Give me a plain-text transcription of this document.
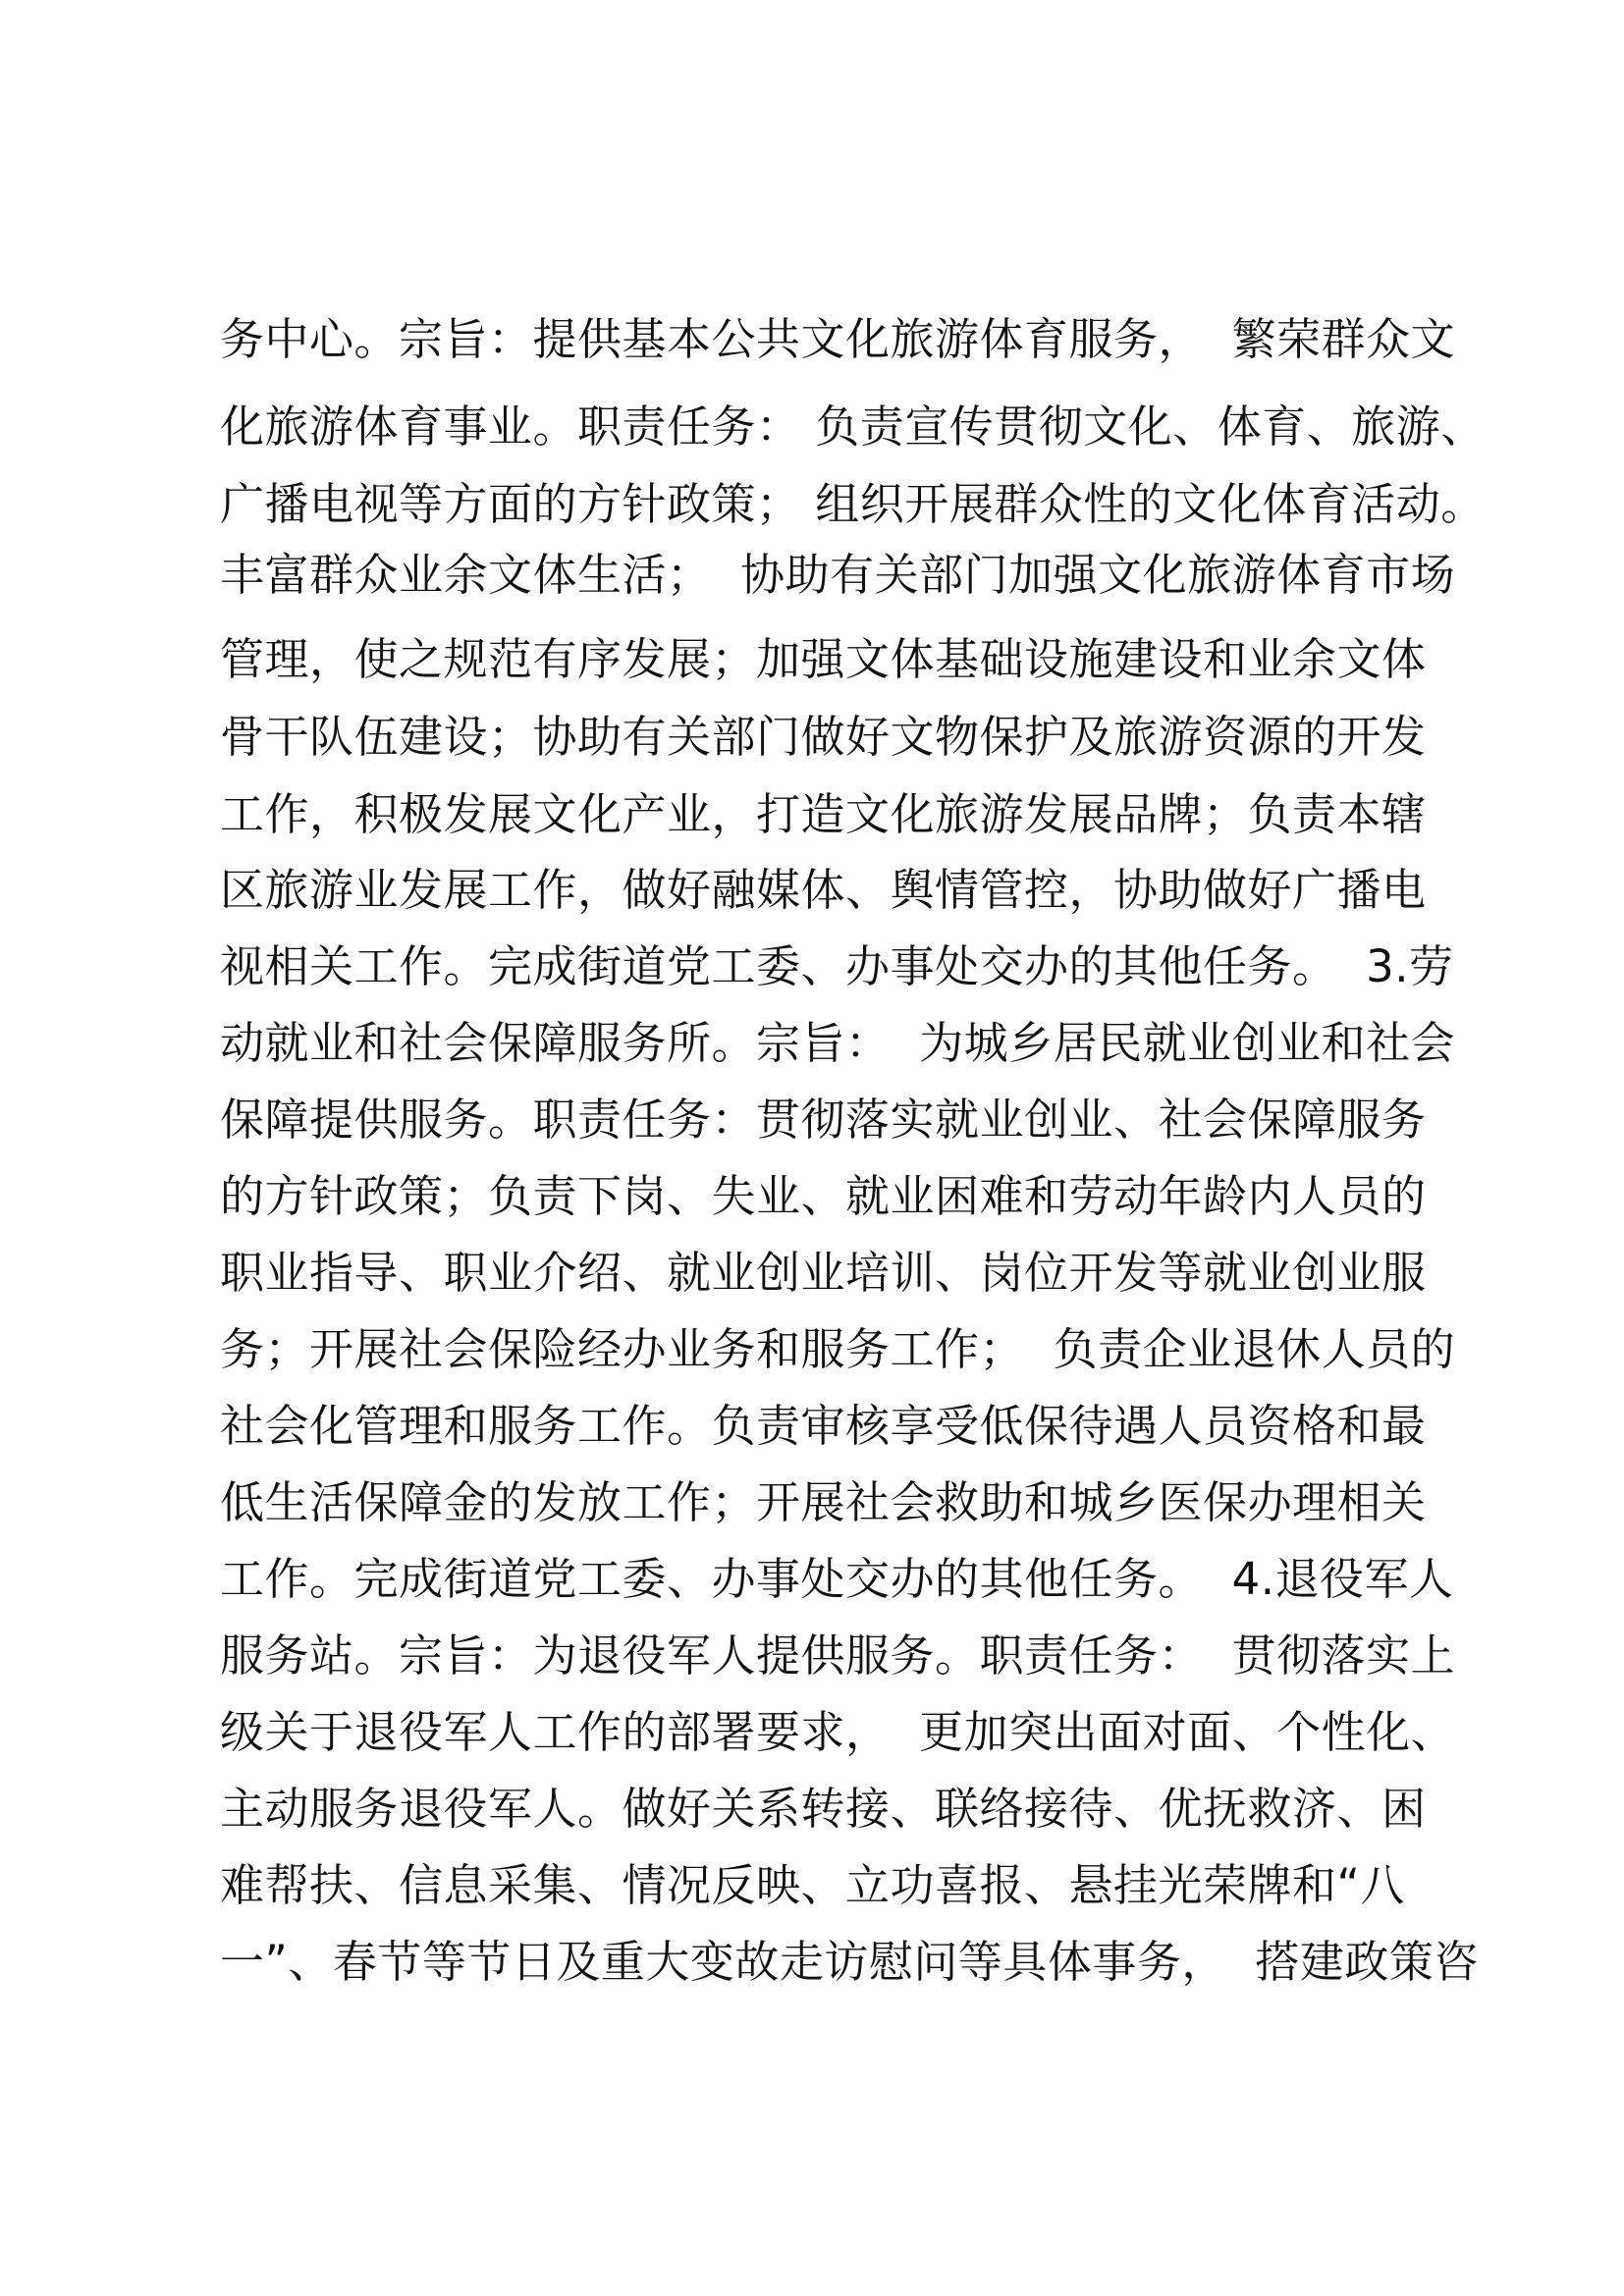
务中心。宗旨：提供基本公共文化旅游体育服务，  繁荣群众文
化旅游体育事业。职责任务： 负责宣传贯彻文化、体育、旅游、
广播电视等方面的方针政策； 组织开展群众性的文化体育活动。
丰富群众业余文体生活；  协助有关部门加强文化旅游体育市场
管理，使之规范有序发展；加强文体基础设施建设和业余文体
骨干队伍建设；协助有关部门做好文物保护及旅游资源的开发
工作，积极发展文化产业，打造文化旅游发展品牌；负责本辖
区旅游业发展工作，做好融媒体、舆情管控，协助做好广播电
视相关工作。完成街道党工委、办事处交办的其他任务。  3.劳
动就业和社会保障服务所。宗旨：  为城乡居民就业创业和社会
保障提供服务。职责任务：贯彻落实就业创业、社会保障服务
的方针政策；负责下岗、失业、就业困难和劳动年龄内人员的
职业指导、职业介绍、就业创业培训、岗位开发等就业创业服
务；开展社会保险经办业务和服务工作；  负责企业退休人员的
社会化管理和服务工作。负责审核享受低保待遇人员资格和最
低生活保障金的发放工作；开展社会救助和城乡医保办理相关
工作。完成街道党工委、办事处交办的其他任务。  4.退役军人
服务站。宗旨：为退役军人提供服务。职责任务：  贯彻落实上
级关于退役军人工作的部署要求，  更加突出面对面、个性化、
主动服务退役军人。做好关系转接、联络接待、优抚救济、困
难帮扶、信息采集、情况反映、立功喜报、悬挂光荣牌和“八
一”、春节等节日及重大变故走访慰问等具体事务，  搭建政策咨
